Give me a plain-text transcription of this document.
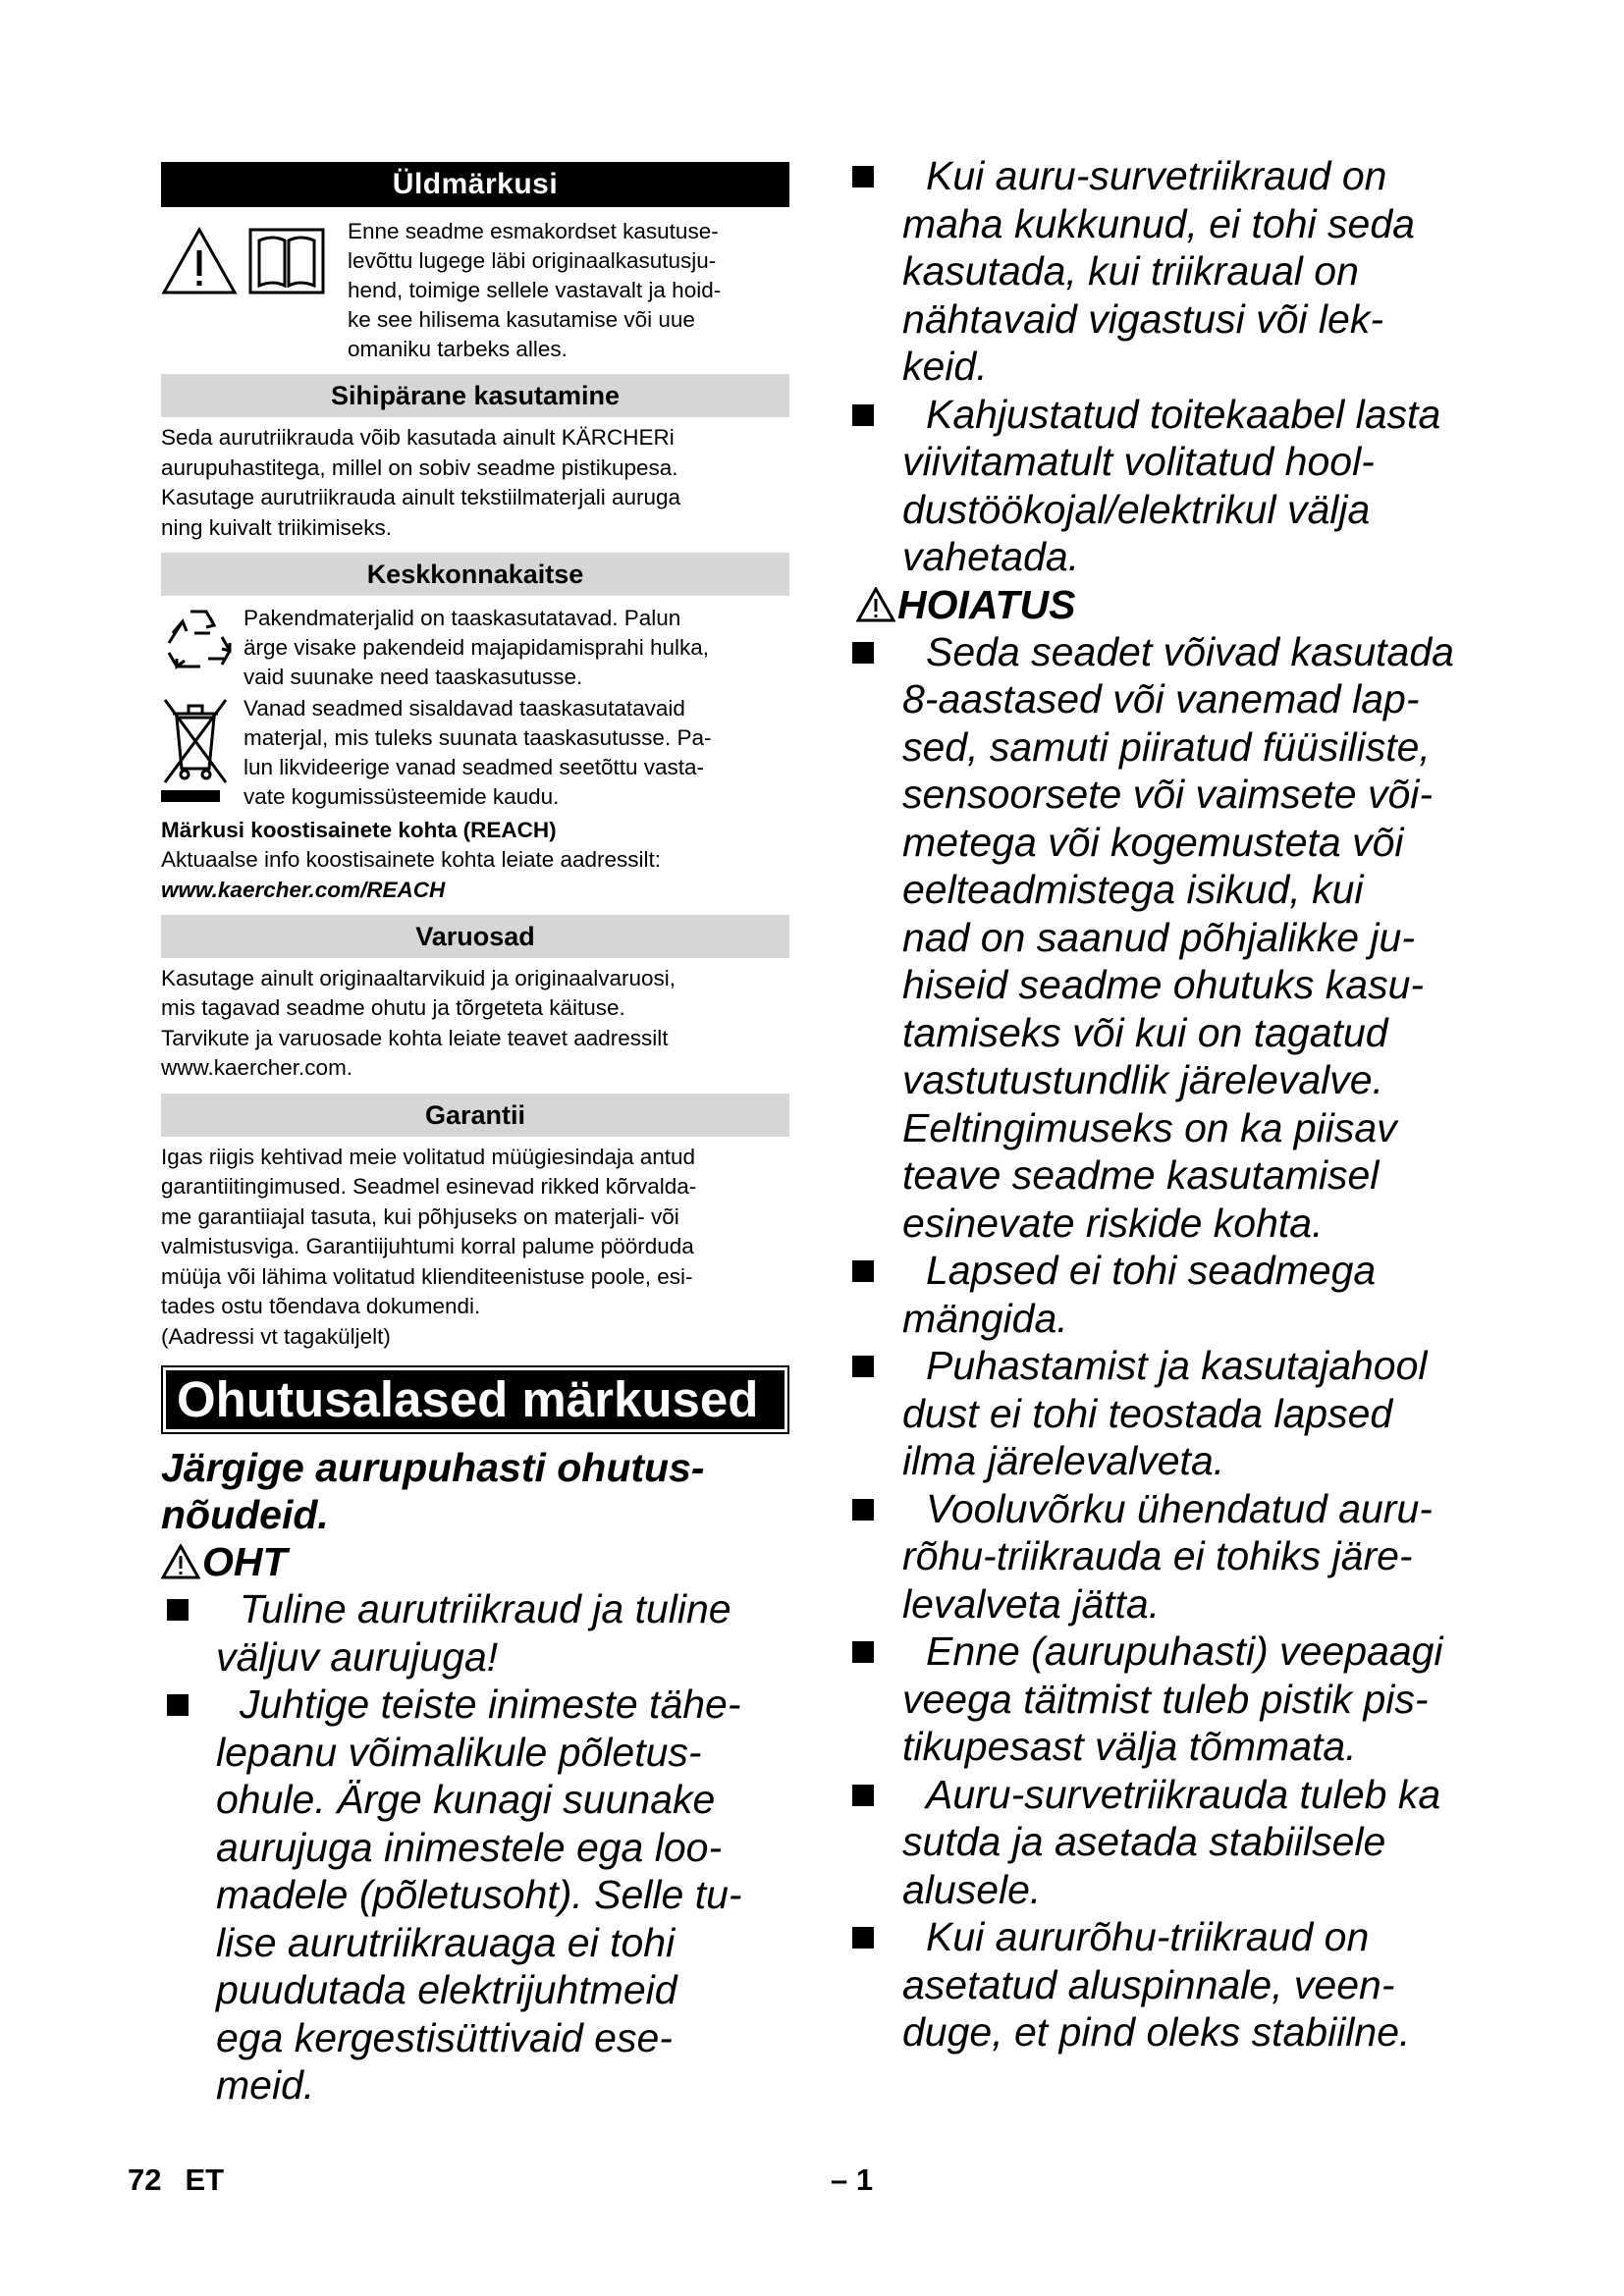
Üldmärkusi
Enne seadme esmakordset kasutuse-
levõttu lugege läbi originaalkasutusju-
hend, toimige sellele vastavalt ja hoid-
ke see hilisema kasutamise või uue
omaniku tarbeks alles.
Sihipärane kasutamine
Seda aurutriikrauda võib kasutada ainult KÄRCHERi
aurupuhastitega, millel on sobiv seadme pistikupesa.
Kasutage aurutriikrauda ainult tekstiilmaterjali auruga
ning kuivalt triikimiseks.
Keskkonnakaitse
Pakendmaterjalid on taaskasutatavad. Palun
ärge visake pakendeid majapidamisprahi hulka,
vaid suunake need taaskasutusse.
Vanad seadmed sisaldavad taaskasutatavaid
materjal, mis tuleks suunata taaskasutusse. Pa-
lun likvideerige vanad seadmed seetõttu vasta-
vate kogumissüsteemide kaudu.
Märkusi koostisainete kohta (REACH)
Aktuaalse info koostisainete kohta leiate aadressilt:
www.kaercher.com/REACH
Varuosad
Kasutage ainult originaaltarvikuid ja originaalvaruosi,
mis tagavad seadme ohutu ja tõrgeteta käituse.
Tarvikute ja varuosade kohta leiate teavet aadressilt
www.kaercher.com.
Garantii
Igas riigis kehtivad meie volitatud müügiesindaja antud
garantiitingimused. Seadmel esinevad rikked kõrvalda-
me garantiiajal tasuta, kui põhjuseks on materjali- või
valmistusviga. Garantiijuhtumi korral palume pöörduda
müüja või lähima volitatud klienditeenistuse poole, esi-
tades ostu tõendava dokumendi.
(Aadressi vt tagaküljelt)
Ohutusalased märkused
Järgige aurupuhasti ohutus-
nõudeid.
OHT
Tuline aurutriikraud ja tuline
väljuv aurujuga!
Juhtige teiste inimeste tähe-
lepanu võimalikule põletus-
ohule. Ärge kunagi suunake
aurujuga inimestele ega loo-
madele (põletusoht). Selle tu-
lise aurutriikrauaga ei tohi
puudutada elektrijuhtmeid
ega kergestisüttivaid ese-
meid.
Kui auru-survetriikraud on
maha kukkunud, ei tohi seda
kasutada, kui triikraual on
nähtavaid vigastusi või lek-
keid.
Kahjustatud toitekaabel lasta
viivitamatult volitatud hool-
dustöökojal/elektrikul välja
vahetada.
HOIATUS
Seda seadet võivad kasutada
8-aastased või vanemad lap-
sed, samuti piiratud füüsiliste,
sensoorsete või vaimsete või-
metega või kogemusteta või
eelteadmistega isikud, kui
nad on saanud põhjalikke ju-
hiseid seadme ohutuks kasu-
tamiseks või kui on tagatud
vastutustundlik järelevalve.
Eeltingimuseks on ka piisav
teave seadme kasutamisel
esinevate riskide kohta.
Lapsed ei tohi seadmega
mängida.
Puhastamist ja kasutajahool
dust ei tohi teostada lapsed
ilma järelevalveta.
Vooluvõrku ühendatud auru-
rõhu-triikrauda ei tohiks järe-
levalveta jätta.
Enne (aurupuhasti) veepaagi
veega täitmist tuleb pistik pis-
tikupesast välja tõmmata.
Auru-survetriikrauda tuleb ka
sutda ja asetada stabiilsele
alusele.
Kui aururõhu-triikraud on
asetatud aluspinnale, veen-
duge, et pind oleks stabiilne.
72 ET	– 1
